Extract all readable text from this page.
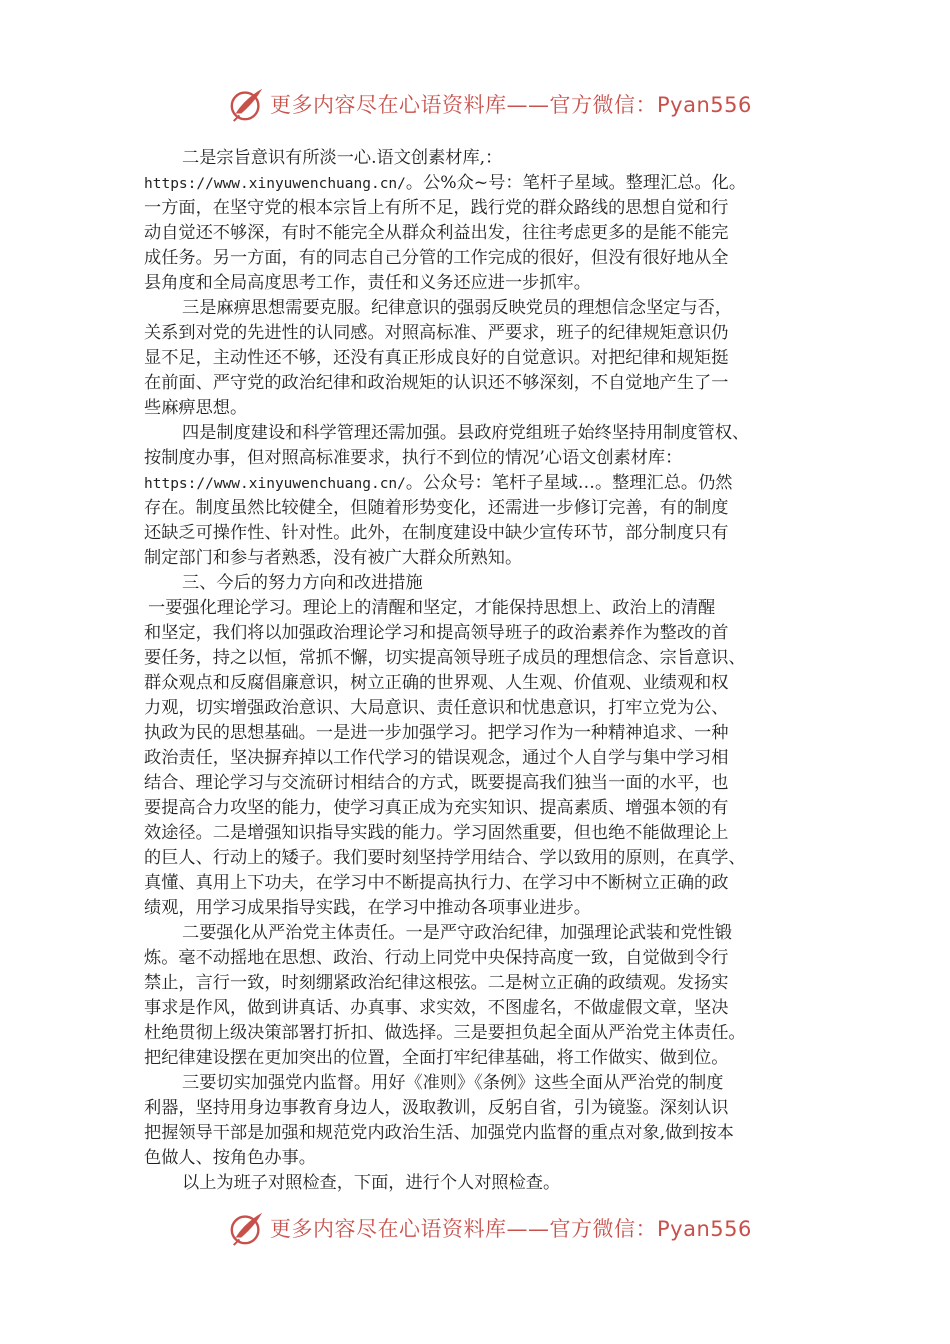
更多内容尽在心语资料库——官方微信：Pyan556
二是宗旨意识有所淡一心.语文创素材库,：
https://www.xinyuwenchuang.cn/。公%众~号：笔杆子星域。整理汇总。化。
一方面，在坚守党的根本宗旨上有所不足，践行党的群众路线的思想自觉和行
动自觉还不够深，有时不能完全从群众利益出发，往往考虑更多的是能不能完
成任务。另一方面，有的同志自己分管的工作完成的很好，但没有很好地从全
县角度和全局高度思考工作，责任和义务还应进一步抓牢。
三是麻痹思想需要克服。纪律意识的强弱反映党员的理想信念坚定与否，
关系到对党的先进性的认同感。对照高标准、严要求，班子的纪律规矩意识仍
显不足，主动性还不够，还没有真正形成良好的自觉意识。对把纪律和规矩挺
在前面、严守党的政治纪律和政治规矩的认识还不够深刻，不自觉地产生了一
些麻痹思想。
四是制度建设和科学管理还需加强。县政府党组班子始终坚持用制度管权、
按制度办事，但对照高标准要求，执行不到位的情况’心语文创素材库：
https://www.xinyuwenchuang.cn/。公众号：笔杆子星域…。整理汇总。仍然
存在。制度虽然比较健全，但随着形势变化，还需进一步修订完善，有的制度
还缺乏可操作性、针对性。此外，在制度建设中缺少宣传环节，部分制度只有
制定部门和参与者熟悉，没有被广大群众所熟知。
三、今后的努力方向和改进措施
一要强化理论学习。理论上的清醒和坚定，才能保持思想上、政治上的清醒
和坚定，我们将以加强政治理论学习和提高领导班子的政治素养作为整改的首
要任务，持之以恒，常抓不懈，切实提高领导班子成员的理想信念、宗旨意识、
群众观点和反腐倡廉意识，树立正确的世界观、人生观、价值观、业绩观和权
力观，切实增强政治意识、大局意识、责任意识和忧患意识，打牢立党为公、
执政为民的思想基础。一是进一步加强学习。把学习作为一种精神追求、一种
政治责任，坚决摒弃掉以工作代学习的错误观念，通过个人自学与集中学习相
结合、理论学习与交流研讨相结合的方式，既要提高我们独当一面的水平，也
要提高合力攻坚的能力，使学习真正成为充实知识、提高素质、增强本领的有
效途径。二是增强知识指导实践的能力。学习固然重要，但也绝不能做理论上
的巨人、行动上的矮子。我们要时刻坚持学用结合、学以致用的原则，在真学、
真懂、真用上下功夫，在学习中不断提高执行力、在学习中不断树立正确的政
绩观，用学习成果指导实践，在学习中推动各项事业进步。
二要强化从严治党主体责任。一是严守政治纪律，加强理论武装和党性锻
炼。毫不动摇地在思想、政治、行动上同党中央保持高度一致，自觉做到令行
禁止，言行一致，时刻绷紧政治纪律这根弦。二是树立正确的政绩观。发扬实
事求是作风，做到讲真话、办真事、求实效，不图虚名，不做虚假文章，坚决
杜绝贯彻上级决策部署打折扣、做选择。三是要担负起全面从严治党主体责任。
把纪律建设摆在更加突出的位置，全面打牢纪律基础，将工作做实、做到位。
三要切实加强党内监督。用好《准则》《条例》这些全面从严治党的制度
利器，坚持用身边事教育身边人，汲取教训，反躬自省，引为镜鉴。深刻认识
把握领导干部是加强和规范党内政治生活、加强党内监督的重点对象,做到按本
色做人、按角色办事。
以上为班子对照检查，下面，进行个人对照检查。
更多内容尽在心语资料库——官方微信：Pyan556
